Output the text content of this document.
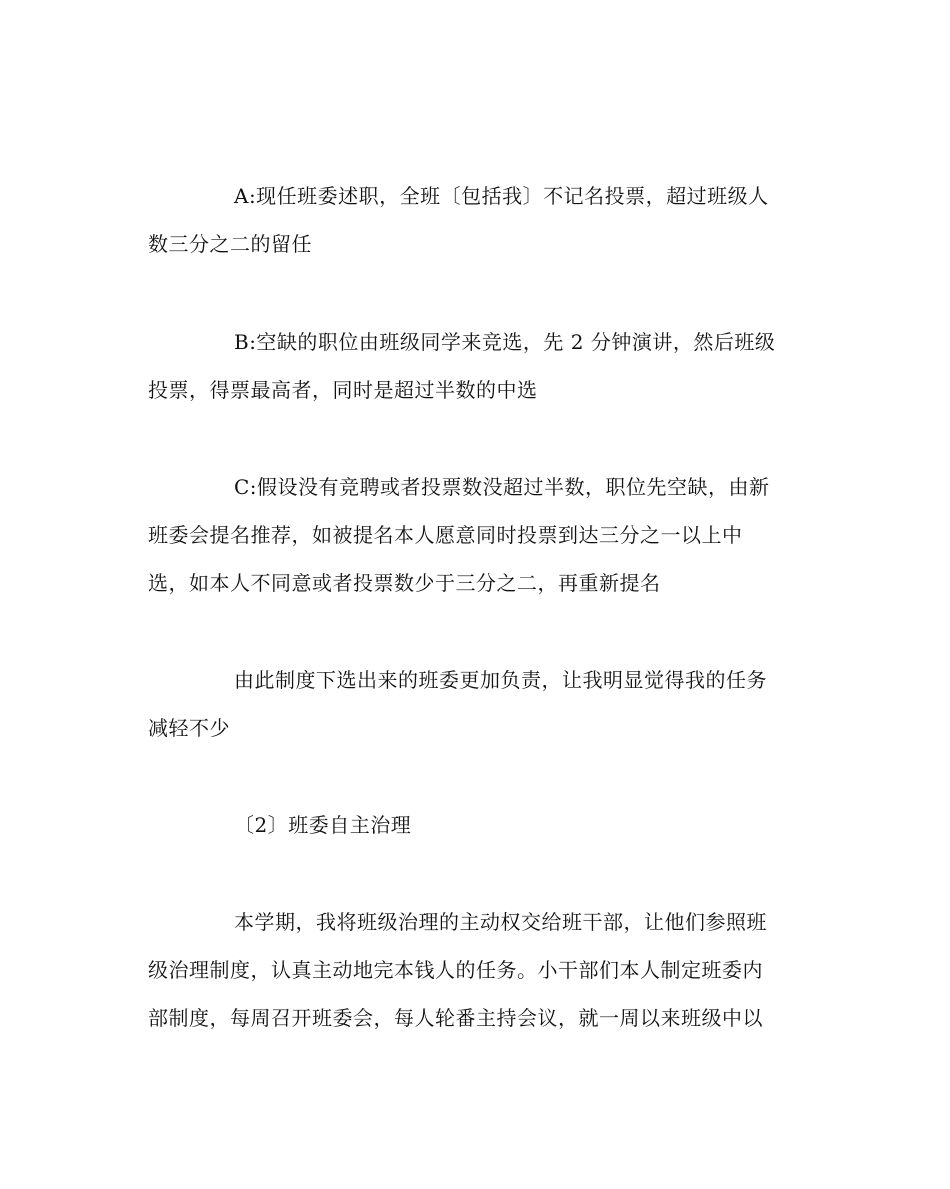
A:现任班委述职，全班〔包括我〕不记名投票，超过班级人
数三分之二的留任
B:空缺的职位由班级同学来竞选，先 2 分钟演讲，然后班级
投票，得票最高者，同时是超过半数的中选
C:假设没有竞聘或者投票数没超过半数，职位先空缺，由新
班委会提名推荐，如被提名本人愿意同时投票到达三分之一以上中
选，如本人不同意或者投票数少于三分之二，再重新提名
由此制度下选出来的班委更加负责，让我明显觉得我的任务
减轻不少
〔2〕班委自主治理
本学期，我将班级治理的主动权交给班干部，让他们参照班
级治理制度，认真主动地完本钱人的任务。小干部们本人制定班委内
部制度，每周召开班委会，每人轮番主持会议，就一周以来班级中以
